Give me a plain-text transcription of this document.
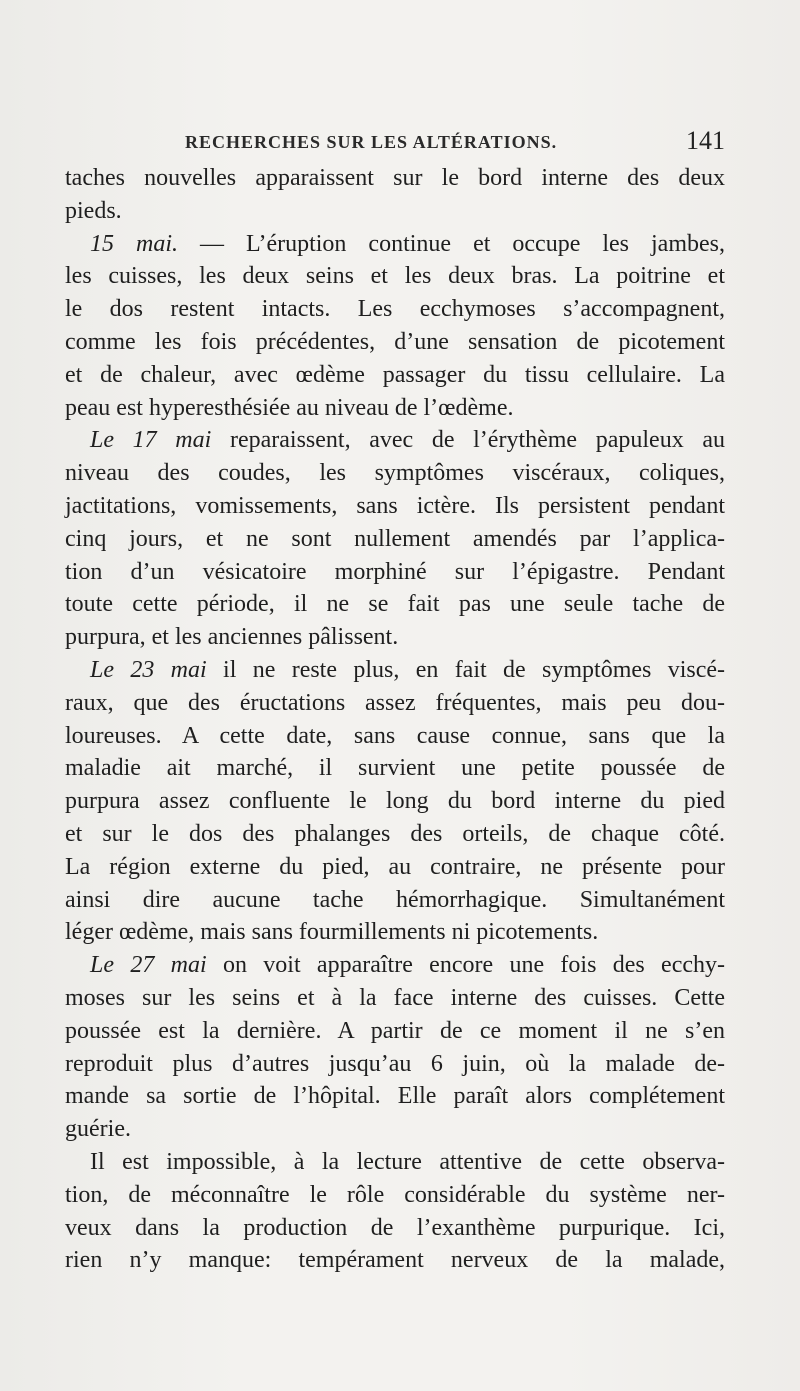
RECHERCHES SUR LES ALTÉRATIONS.	141

taches nouvelles apparaissent sur le bord interne des deux

pieds.

15 mai. — L’éruption continue et occupe les jambes,

les cuisses, les deux seins et les deux bras. La poitrine et

le dos restent intacts. Les ecchymoses s’accompagnent,

comme les fois précédentes, d’une sensation de picotement

et de chaleur, avec œdème passager du tissu cellulaire. La

peau est hyperesthésiée au niveau de l’œdème.

Le 17 mai reparaissent, avec de l’érythème papuleux au

niveau des coudes, les symptômes viscéraux, coliques,

jactitations, vomissements, sans ictère. Ils persistent pendant

cinq jours, et ne sont nullement amendés par l’applica-

tion d’un vésicatoire morphiné sur l’épigastre. Pendant

toute cette période, il ne se fait pas une seule tache de

purpura, et les anciennes pâlissent.

Le 23 mai il ne reste plus, en fait de symptômes viscé-

raux, que des éructations assez fréquentes, mais peu dou-

loureuses. A cette date, sans cause connue, sans que la

maladie ait marché, il survient une petite poussée de

purpura assez confluente le long du bord interne du pied

et sur le dos des phalanges des orteils, de chaque côté.

La région externe du pied, au contraire, ne présente pour

ainsi dire aucune tache hémorrhagique. Simultanément

léger œdème, mais sans fourmillements ni picotements.

Le 27 mai on voit apparaître encore une fois des ecchy-

moses sur les seins et à la face interne des cuisses. Cette

poussée est la dernière. A partir de ce moment il ne s’en

reproduit plus d’autres jusqu’au 6 juin, où la malade de-

mande sa sortie de l’hôpital. Elle paraît alors complétement

guérie.

Il est impossible, à la lecture attentive de cette observa-

tion, de méconnaître le rôle considérable du système ner-

veux dans la production de l’exanthème purpurique. Ici,

rien n’y manque: tempérament nerveux de la malade,
